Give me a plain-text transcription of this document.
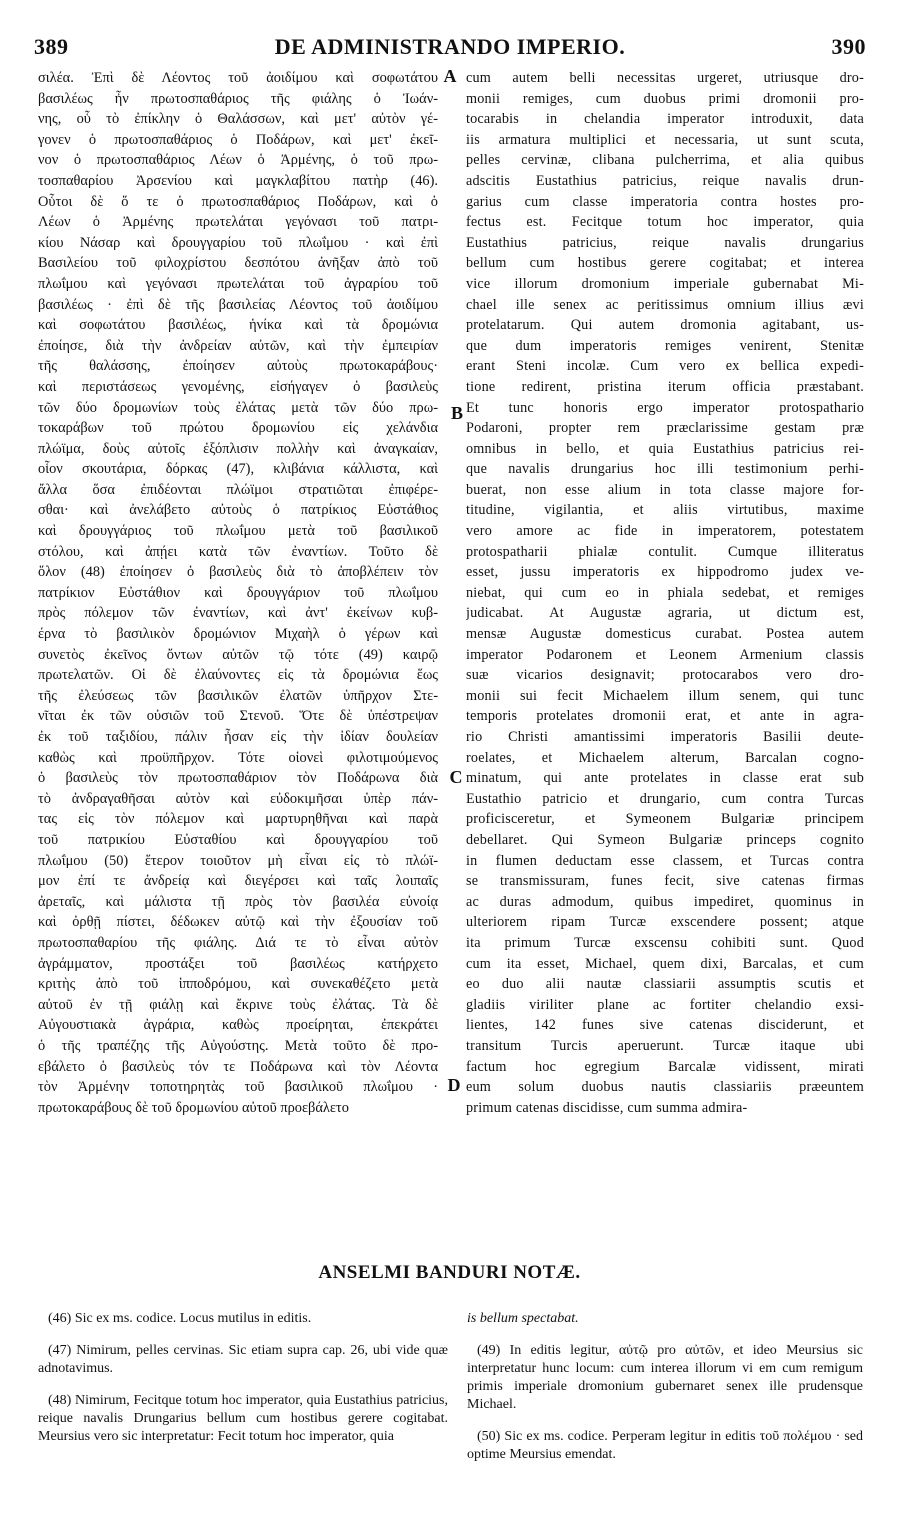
389	DE ADMINISTRANDO IMPERIO.	390
A
B
C
D
σιλέα. Ἐπὶ δὲ Λέοντος τοῦ ἀοιδίμου καὶ σοφωτάτου
βασιλέως ἦν πρωτοσπαθάριος τῆς φιάλης ὁ Ἰωάν-
νης, οὗ τὸ ἐπίκλην ὁ Θαλάσσων, καὶ μετ' αὐτὸν γέ-
γονεν ὁ πρωτοσπαθάριος ὁ Ποδάρων, καὶ μετ' ἐκεῖ-
νον ὁ πρωτοσπαθάριος Λέων ὁ Ἀρμένης, ὁ τοῦ πρω-
τοσπαθαρίου Ἀρσενίου καὶ μαγκλαβίτου πατὴρ (46).
Οὗτοι δὲ ὅ τε ὁ πρωτοσπαθάριος Ποδάρων, καὶ ὁ
Λέων ὁ Ἀρμένης πρωτελάται γεγόνασι τοῦ πατρι-
κίου Νάσαρ καὶ δρουγγαρίου τοῦ πλωΐμου · καὶ ἐπὶ
Βασιλείου τοῦ φιλοχρίστου δεσπότου ἀνῆξαν ἀπὸ τοῦ
πλωΐμου καὶ γεγόνασι πρωτελάται τοῦ ἀγραρίου τοῦ
βασιλέως · ἐπὶ δὲ τῆς βασιλείας Λέοντος τοῦ ἀοιδίμου
καὶ σοφωτάτου βασιλέως, ἡνίκα καὶ τὰ δρομώνια
ἐποίησε, διὰ τὴν ἀνδρείαν αὐτῶν, καὶ τὴν ἐμπειρίαν
τῆς θαλάσσης, ἐποίησεν αὐτοὺς πρωτοκαράβους·
καὶ περιστάσεως γενομένης, εἰσήγαγεν ὁ βασιλεὺς
τῶν δύο δρομωνίων τοὺς ἐλάτας μετὰ τῶν δύο πρω-
τοκαράβων τοῦ πρώτου δρομωνίου εἰς χελάνδια
πλώϊμα, δοὺς αὐτοῖς ἐξόπλισιν πολλὴν καὶ ἀναγκαίαν,
οἷον σκουτάρια, δόρκας (47), κλιβάνια κάλλιστα, καὶ
ἄλλα ὅσα ἐπιδέονται πλώϊμοι στρατιῶται ἐπιφέρε-
σθαι· καὶ ἀνελάβετο αὐτοὺς ὁ πατρίκιος Εὐστάθιος
καὶ δρουγγάριος τοῦ πλωΐμου μετὰ τοῦ βασιλικοῦ
στόλου, καὶ ἀπῄει κατὰ τῶν ἐναντίων. Τοῦτο δὲ
ὅλον (48) ἐποίησεν ὁ βασιλεὺς διὰ τὸ ἀποβλέπειν τὸν
πατρίκιον Εὐστάθιον καὶ δρουγγάριον τοῦ πλωΐμου
πρὸς πόλεμον τῶν ἐναντίων, καὶ ἀντ' ἐκείνων κυβ-
έρνα τὸ βασιλικὸν δρομώνιον Μιχαὴλ ὁ γέρων καὶ
συνετὸς ἐκεῖνος ὄντων αὐτῶν τῷ τότε (49) καιρῷ
πρωτελατῶν. Οἱ δὲ ἐλαύνοντες εἰς τὰ δρομώνια ἕως
τῆς ἐλεύσεως τῶν βασιλικῶν ἐλατῶν ὑπῆρχον Στε-
νῖται ἐκ τῶν οὐσιῶν τοῦ Στενοῦ. Ὅτε δὲ ὑπέστρεψαν
ἐκ τοῦ ταξιδίου, πάλιν ἦσαν εἰς τὴν ἰδίαν δουλείαν
καθὼς καὶ προϋπῆρχον. Τότε οἱονεὶ φιλοτιμούμενος
ὁ βασιλεὺς τὸν πρωτοσπαθάριον τὸν Ποδάρωνα διὰ
τὸ ἀνδραγαθῆσαι αὐτὸν καὶ εὐδοκιμῆσαι ὑπὲρ πάν-
τας εἰς τὸν πόλεμον καὶ μαρτυρηθῆναι καὶ παρὰ
τοῦ πατρικίου Εὐσταθίου καὶ δρουγγαρίου τοῦ
πλωΐμου (50) ἕτερον τοιοῦτον μὴ εἶναι εἰς τὸ πλώϊ-
μον ἐπί τε ἀνδρείᾳ καὶ διεγέρσει καὶ ταῖς λοιπαῖς
ἀρεταῖς, καὶ μάλιστα τῇ πρὸς τὸν βασιλέα εὐνοίᾳ
καὶ ὀρθῇ πίστει, δέδωκεν αὐτῷ καὶ τὴν ἐξουσίαν τοῦ
πρωτοσπαθαρίου τῆς φιάλης. Διά τε τὸ εἶναι αὐτὸν
ἀγράμματον, προστάξει τοῦ βασιλέως κατήρχετο
κριτὴς ἀπὸ τοῦ ἱπποδρόμου, καὶ συνεκαθέζετο μετὰ
αὐτοῦ ἐν τῇ φιάλῃ καὶ ἔκρινε τοὺς ἐλάτας. Τὰ δὲ
Αὐγουστιακὰ ἀγράρια, καθὼς προείρηται, ἐπεκράτει
ὁ τῆς τραπέζης τῆς Αὐγούστης. Μετὰ τοῦτο δὲ προ-
εβάλετο ὁ βασιλεὺς τόν τε Ποδάρωνα καὶ τὸν Λέοντα
τὸν Ἀρμένην τοποτηρητὰς τοῦ βασιλικοῦ πλωΐμου ·
πρωτοκαράβους δὲ τοῦ δρομωνίου αὐτοῦ προεβάλετο
cum autem belli necessitas urgeret, utriusque dro-
monii remiges, cum duobus primi dromonii pro-
tocarabis in chelandia imperator introduxit, data
iis armatura multiplici et necessaria, ut sunt scuta,
pelles cervinæ, clibana pulcherrima, et alia quibus
adscitis Eustathius patricius, reique navalis drun-
garius cum classe imperatoria contra hostes pro-
fectus est. Fecitque totum hoc imperator, quia
Eustathius patricius, reique navalis drungarius
bellum cum hostibus gerere cogitabat; et interea
vice illorum dromonium imperiale gubernabat Mi-
chael ille senex ac peritissimus omnium illius ævi
protelatarum. Qui autem dromonia agitabant, us-
que dum imperatoris remiges venirent, Stenitæ
erant Steni incolæ. Cum vero ex bellica expedi-
tione redirent, pristina iterum officia præstabant.
Et tunc honoris ergo imperator protospathario
Podaroni, propter rem præclarissime gestam præ
omnibus in bello, et quia Eustathius patricius rei-
que navalis drungarius hoc illi testimonium perhi-
buerat, non esse alium in tota classe majore for-
titudine, vigilantia, et aliis virtutibus, maxime
vero amore ac fide in imperatorem, potestatem
protospatharii phialæ contulit. Cumque illiteratus
esset, jussu imperatoris ex hippodromo judex ve-
niebat, qui cum eo in phiala sedebat, et remiges
judicabat. At Augustæ agraria, ut dictum est,
mensæ Augustæ domesticus curabat. Postea autem
imperator Podaronem et Leonem Armenium classis
suæ vicarios designavit; protocarabos vero dro-
monii sui fecit Michaelem illum senem, qui tunc
temporis protelates dromonii erat, et ante in agra-
rio Christi amantissimi imperatoris Basilii deute-
roelates, et Michaelem alterum, Barcalan cogno-
minatum, qui ante protelates in classe erat sub
Eustathio patricio et drungario, cum contra Turcas
proficisceretur, et Symeonem Bulgariæ principem
debellaret. Qui Symeon Bulgariæ princeps cognito
in flumen deductam esse classem, et Turcas contra
se transmissuram, funes fecit, sive catenas firmas
ac duras admodum, quibus impediret, quominus in
ulteriorem ripam Turcæ exscendere possent; atque
ita primum Turcæ exscensu cohibiti sunt. Quod
cum ita esset, Michael, quem dixi, Barcalas, et cum
eo duo alii nautæ classiarii assumptis scutis et
gladiis viriliter plane ac fortiter chelandio exsi-
lientes, 142 funes sive catenas disciderunt, et
transitum Turcis aperuerunt. Turcæ itaque ubi
factum hoc egregium Barcalæ vidissent, mirati
eum solum duobus nautis classiariis præeuntem
primum catenas discidisse, cum summa admira-
ANSELMI BANDURI NOTÆ.

(46) Sic ex ms. codice. Locus mutilus in editis.

(47) Nimirum, pelles cervinas. Sic etiam supra cap. 26, ubi vide quæ adnotavimus.

(48) Nimirum, Fecitque totum hoc imperator, quia Eustathius patricius, reique navalis Drungarius bellum cum hostibus gerere cogitabat. Meursius vero sic interpretatur: Fecit totum hoc imperator, quia

is bellum spectabat.

(49) In editis legitur, αὐτῷ pro αὐτῶν, et ideo Meursius sic interpretatur hunc locum: cum interea illorum vi em cum remigum primis imperiale dromonium gubernaret senex ille prudensque Michael.

(50) Sic ex ms. codice. Perperam legitur in editis τοῦ πολέμου · sed optime Meursius emendat.
